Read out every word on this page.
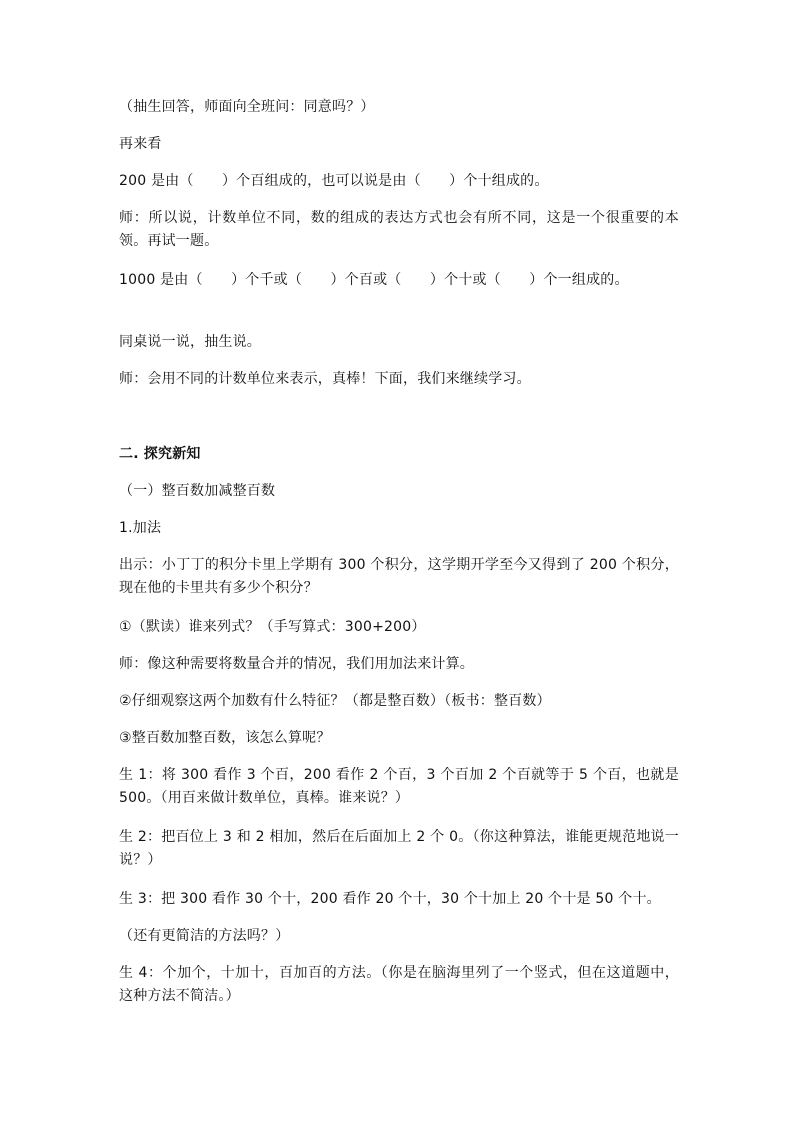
（抽生回答，师面向全班问：同意吗？）
再来看
200 是由（　　）个百组成的，也可以说是由（　　）个十组成的。
师：所以说，计数单位不同，数的组成的表达方式也会有所不同，这是一个很重要的本领。再试一题。
1000 是由（　　）个千或（　　）个百或（　　）个十或（　　）个一组成的。
同桌说一说，抽生说。
师：会用不同的计数单位来表示，真棒！下面，我们来继续学习。
二. 探究新知
（一）整百数加减整百数
1.加法
出示：小丁丁的积分卡里上学期有 300 个积分，这学期开学至今又得到了 200 个积分，现在他的卡里共有多少个积分？
①（默读）谁来列式？（手写算式：300+200）
师：像这种需要将数量合并的情况，我们用加法来计算。
②仔细观察这两个加数有什么特征？（都是整百数）（板书：整百数）
③整百数加整百数，该怎么算呢？
生 1：将 300 看作 3 个百，200 看作 2 个百，3 个百加 2 个百就等于 5 个百，也就是 500。（用百来做计数单位，真棒。谁来说？）
生 2：把百位上 3 和 2 相加，然后在后面加上 2 个 0。（你这种算法，谁能更规范地说一说？）
生 3：把 300 看作 30 个十，200 看作 20 个十，30 个十加上 20 个十是 50 个十。
（还有更简洁的方法吗？）
生 4：个加个，十加十，百加百的方法。（你是在脑海里列了一个竖式，但在这道题中，这种方法不简洁。）
